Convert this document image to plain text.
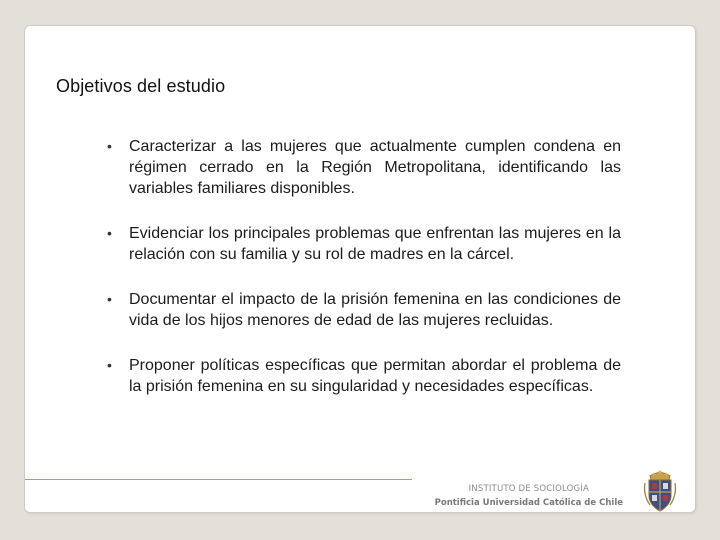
Objetivos del estudio
• Caracterizar a las mujeres que actualmente cumplen condena en régimen cerrado en la Región Metropolitana, identificando las variables familiares disponibles.
• Evidenciar los principales problemas que enfrentan las mujeres en la relación con su familia y su rol de madres en la cárcel.
• Documentar el impacto de la prisión femenina en las condiciones de vida de los hijos menores de edad de las mujeres recluidas.
• Proponer políticas específicas que permitan abordar el problema de la prisión femenina en su singularidad y necesidades específicas.
INSTITUTO DE SOCIOLOGÍA
Pontificia Universidad Católica de Chile
